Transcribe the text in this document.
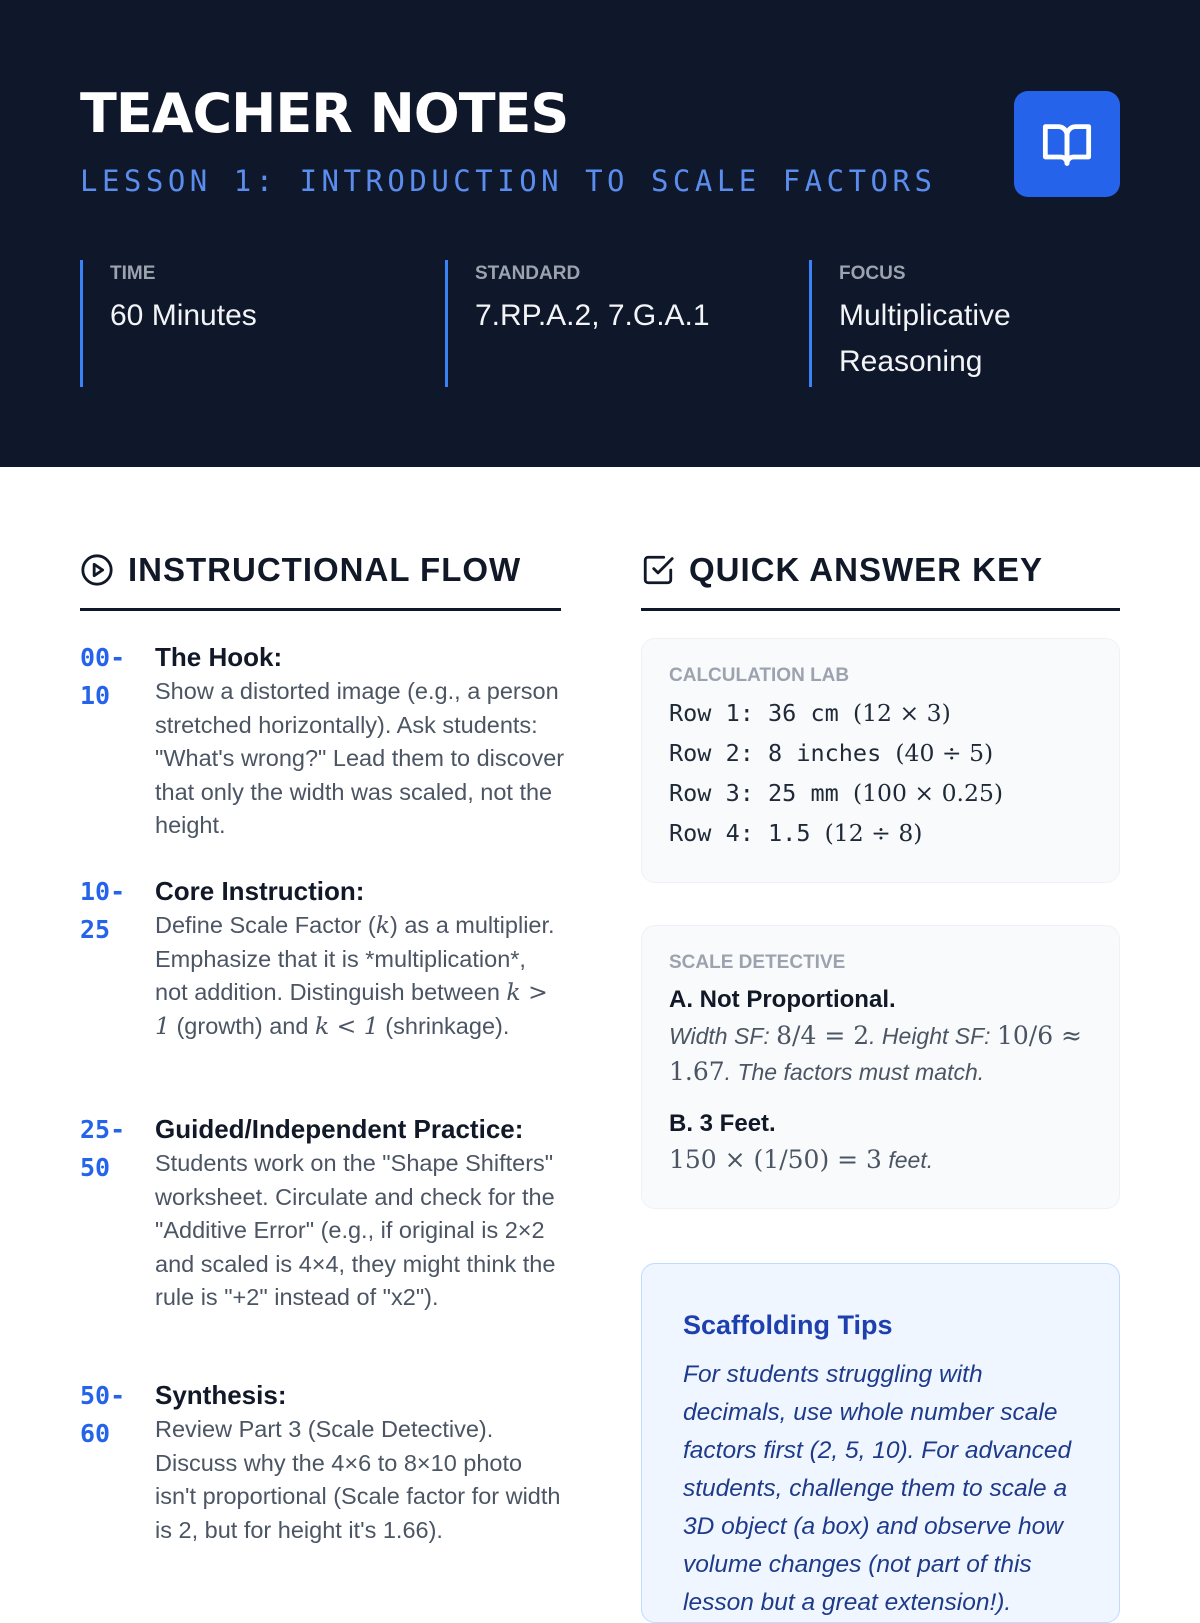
TEACHER NOTES
LESSON 1: INTRODUCTION TO SCALE FACTORS
TIME
60 Minutes
STANDARD
7.RP.A.2, 7.G.A.1
FOCUS
Multiplicative Reasoning
INSTRUCTIONAL FLOW
00-
10
The Hook:
Show a distorted image (e.g., a person stretched horizontally). Ask students: "What's wrong?" Lead them to discover that only the width was scaled, not the height.
10-
25
Core Instruction:
Define Scale Factor (k) as a multiplier. Emphasize that it is *multiplication*, not addition. Distinguish between k > 1 (growth) and k < 1 (shrinkage).
25-
50
Guided/Independent Practice:
Students work on the "Shape Shifters" worksheet. Circulate and check for the "Additive Error" (e.g., if original is 2×2 and scaled is 4×4, they might think the rule is "+2" instead of "x2").
50-
60
Synthesis:
Review Part 3 (Scale Detective). Discuss why the 4×6 to 8×10 photo isn't proportional (Scale factor for width is 2, but for height it's 1.66).
QUICK ANSWER KEY
CALCULATION LAB
Row 1: 36 cm (12 × 3)
Row 2: 8 inches (40 ÷ 5)
Row 3: 25 mm (100 × 0.25)
Row 4: 1.5 (12 ÷ 8)
SCALE DETECTIVE
A. Not Proportional.
Width SF: 8/4 = 2. Height SF: 10/6 ≈ 1.67. The factors must match.
B. 3 Feet.
150 × (1/50) = 3 feet.
Scaffolding Tips
For students struggling with decimals, use whole number scale factors first (2, 5, 10). For advanced students, challenge them to scale a 3D object (a box) and observe how volume changes (not part of this lesson but a great extension!).
